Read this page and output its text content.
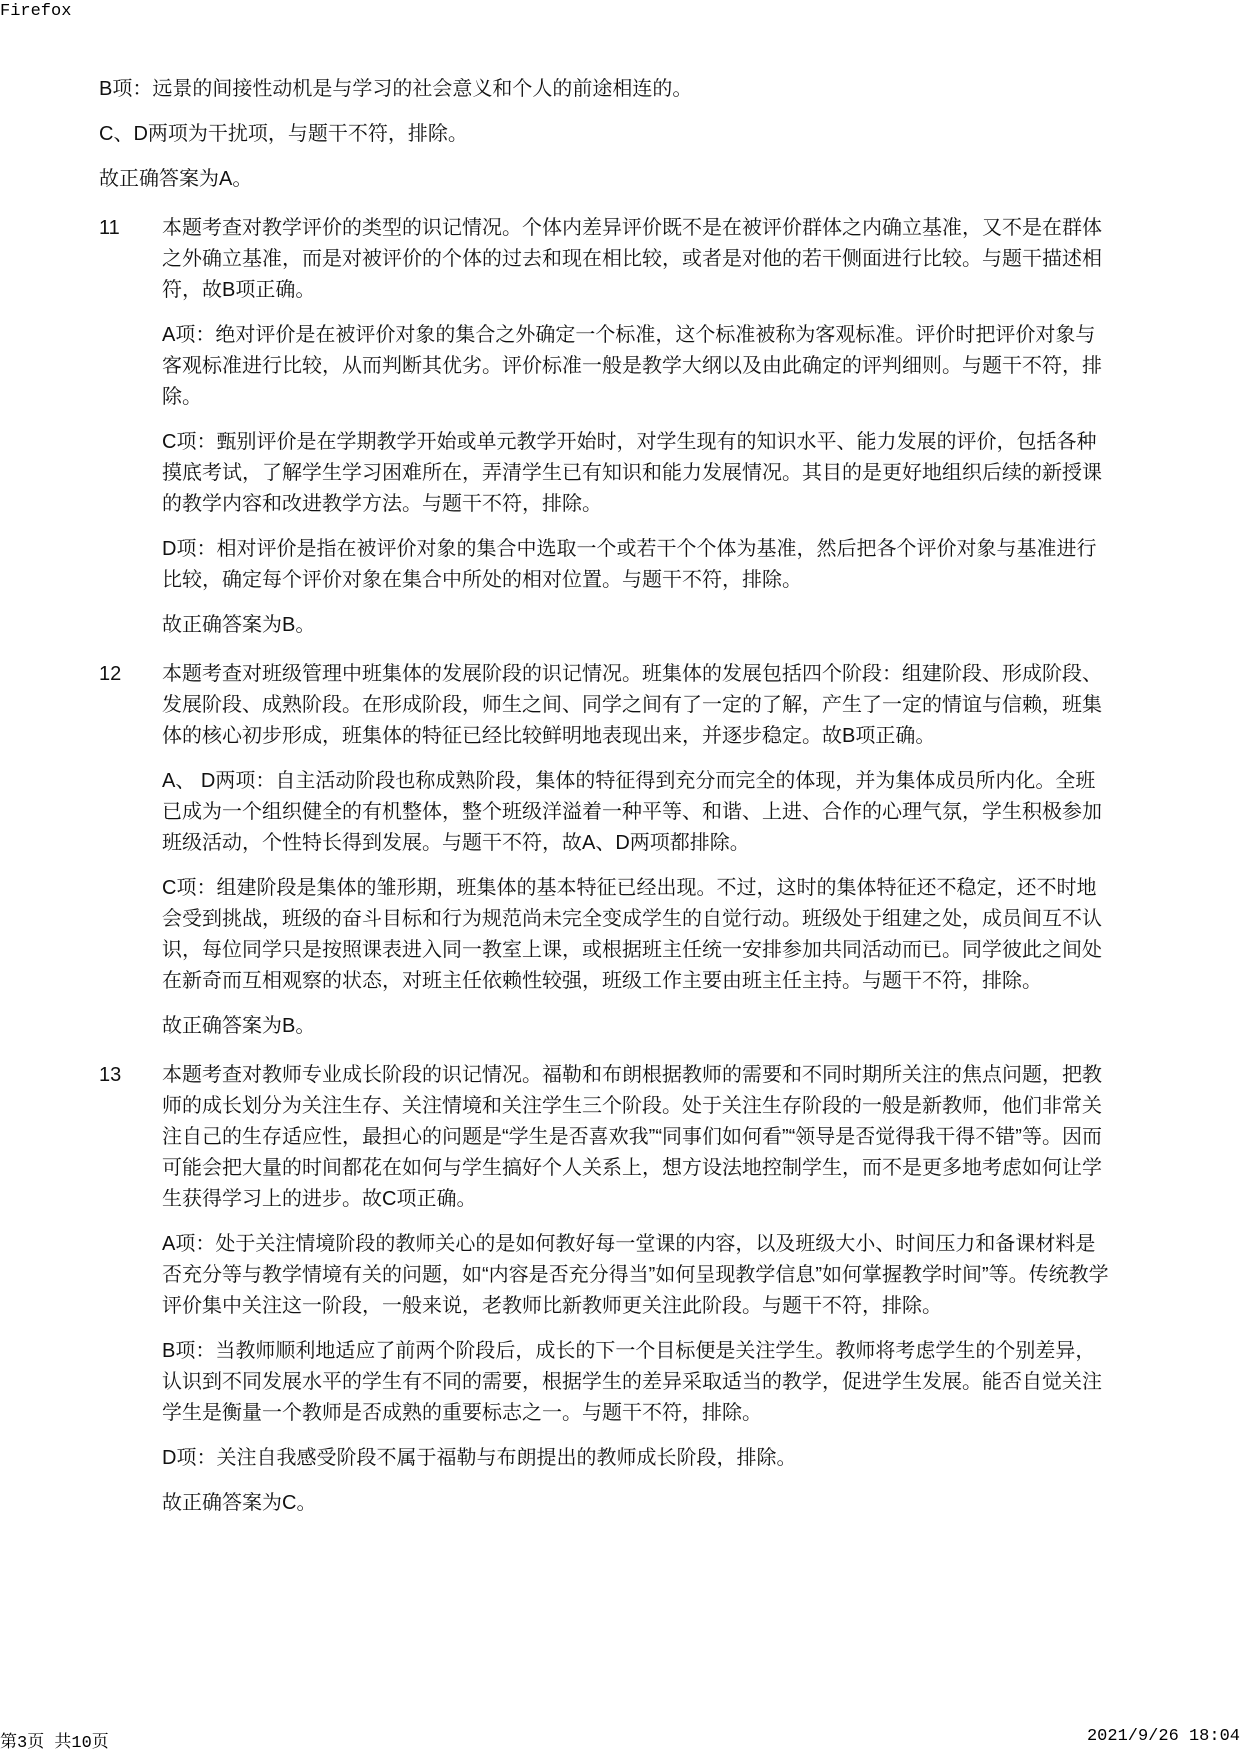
Firefox
B项：远景的间接性动机是与学习的社会意义和个人的前途相连的。
C、D两项为干扰项，与题干不符，排除。
故正确答案为A。
11	本题考查对教学评价的类型的识记情况。个体内差异评价既不是在被评价群体之内确立基准，又不是在群体之外确立基准，而是对被评价的个体的过去和现在相比较，或者是对他的若干侧面进行比较。与题干描述相符，故B项正确。
A项：绝对评价是在被评价对象的集合之外确定一个标准，这个标准被称为客观标准。评价时把评价对象与客观标准进行比较，从而判断其优劣。评价标准一般是教学大纲以及由此确定的评判细则。与题干不符，排除。
C项：甄别评价是在学期教学开始或单元教学开始时，对学生现有的知识水平、能力发展的评价，包括各种摸底考试，了解学生学习困难所在，弄清学生已有知识和能力发展情况。其目的是更好地组织后续的新授课的教学内容和改进教学方法。与题干不符，排除。
D项：相对评价是指在被评价对象的集合中选取一个或若干个个体为基准，然后把各个评价对象与基准进行比较，确定每个评价对象在集合中所处的相对位置。与题干不符，排除。
故正确答案为B。
12	本题考查对班级管理中班集体的发展阶段的识记情况。班集体的发展包括四个阶段：组建阶段、形成阶段、发展阶段、成熟阶段。在形成阶段，师生之间、同学之间有了一定的了解，产生了一定的情谊与信赖，班集体的核心初步形成，班集体的特征已经比较鲜明地表现出来，并逐步稳定。故B项正确。
A、 D两项：自主活动阶段也称成熟阶段，集体的特征得到充分而完全的体现，并为集体成员所内化。全班已成为一个组织健全的有机整体，整个班级洋溢着一种平等、和谐、上进、合作的心理气氛，学生积极参加班级活动，个性特长得到发展。与题干不符，故A、D两项都排除。
C项：组建阶段是集体的雏形期，班集体的基本特征已经出现。不过，这时的集体特征还不稳定，还不时地会受到挑战，班级的奋斗目标和行为规范尚未完全变成学生的自觉行动。班级处于组建之处，成员间互不认识，每位同学只是按照课表进入同一教室上课，或根据班主任统一安排参加共同活动而已。同学彼此之间处在新奇而互相观察的状态，对班主任依赖性较强，班级工作主要由班主任主持。与题干不符，排除。
故正确答案为B。
13	本题考查对教师专业成长阶段的识记情况。福勒和布朗根据教师的需要和不同时期所关注的焦点问题，把教师的成长划分为关注生存、关注情境和关注学生三个阶段。处于关注生存阶段的一般是新教师，他们非常关注自己的生存适应性，最担心的问题是“学生是否喜欢我”“同事们如何看”“领导是否觉得我干得不错”等。因而可能会把大量的时间都花在如何与学生搞好个人关系上，想方设法地控制学生，而不是更多地考虑如何让学生获得学习上的进步。故C项正确。
A项：处于关注情境阶段的教师关心的是如何教好每一堂课的内容，以及班级大小、时间压力和备课材料是否充分等与教学情境有关的问题，如“内容是否充分得当”如何呈现教学信息”如何掌握教学时间”等。传统教学评价集中关注这一阶段，一般来说，老教师比新教师更关注此阶段。与题干不符，排除。
B项：当教师顺利地适应了前两个阶段后，成长的下一个目标便是关注学生。教师将考虑学生的个别差异，认识到不同发展水平的学生有不同的需要，根据学生的差异采取适当的教学，促进学生发展。能否自觉关注学生是衡量一个教师是否成熟的重要标志之一。与题干不符，排除。
D项：关注自我感受阶段不属于福勒与布朗提出的教师成长阶段，排除。
故正确答案为C。
第3页 共10页	2021/9/26 18:04
